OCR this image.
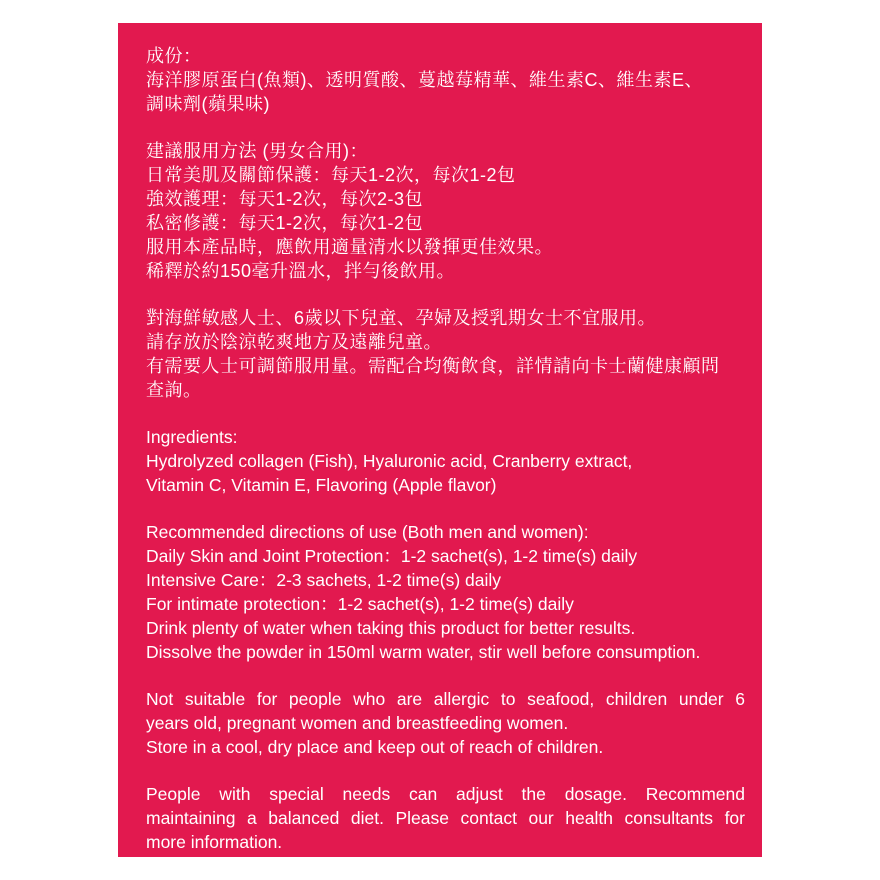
成份：
海洋膠原蛋白(魚類)、透明質酸、蔓越莓精華、維生素C、維生素E、
調味劑(蘋果味)
建議服用方法 (男女合用)：
日常美肌及關節保護：每天1-2次，每次1-2包
強效護理：每天1-2次，每次2-3包
私密修護：每天1-2次，每次1-2包
服用本產品時，應飲用適量清水以發揮更佳效果。
稀釋於約150毫升溫水，拌勻後飲用。
對海鮮敏感人士、6歲以下兒童、孕婦及授乳期女士不宜服用。
請存放於陰涼乾爽地方及遠離兒童。
有需要人士可調節服用量。需配合均衡飲食，詳情請向卡士蘭健康顧問
查詢。
Ingredients:
Hydrolyzed collagen (Fish), Hyaluronic acid, Cranberry extract,
Vitamin C, Vitamin E, Flavoring (Apple flavor)
Recommended directions of use (Both men and women):
Daily Skin and Joint Protection：1-2 sachet(s), 1-2 time(s) daily
Intensive Care：2-3 sachets, 1-2 time(s) daily
For intimate protection：1-2 sachet(s), 1-2 time(s) daily
Drink plenty of water when taking this product for better results.
Dissolve the powder in 150ml warm water, stir well before consumption.
Not suitable for people who are allergic to seafood, children under 6
years old, pregnant women and breastfeeding women.
Store in a cool, dry place and keep out of reach of children.
People with special needs can adjust the dosage. Recommend
maintaining a balanced diet. Please contact our health consultants for
more information.
